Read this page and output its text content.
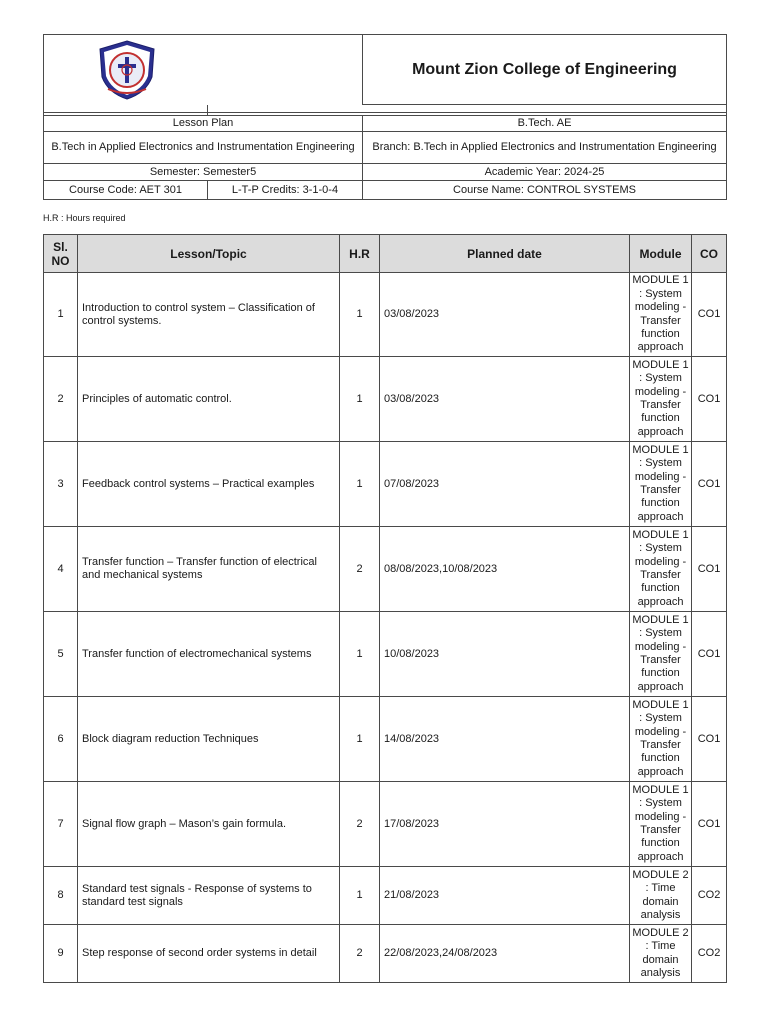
	Mount Zion College of Engineering

Lesson Plan		B.Tech. AE
B.Tech in Applied Electronics and Instrumentation Engineering		Branch: B.Tech in Applied Electronics and Instrumentation Engineering
Semester: Semester5		Academic Year: 2024-25
Course Code: AET 301	L-T-P Credits: 3-1-0-4	Course Name: CONTROL SYSTEMS
H.R : Hours required
Sl. NO	Lesson/Topic	H.R	Planned date	Module	CO
1	Introduction to control system – Classification of control systems.	1	03/08/2023	MODULE 1 : System modeling - Transfer function approach	CO1
2	Principles of automatic control.	1	03/08/2023	MODULE 1 : System modeling - Transfer function approach	CO1
3	Feedback control systems – Practical examples	1	07/08/2023	MODULE 1 : System modeling - Transfer function approach	CO1
4	Transfer function – Transfer function of electrical and mechanical systems	2	08/08/2023,10/08/2023	MODULE 1 : System modeling - Transfer function approach	CO1
5	Transfer function of electromechanical systems	1	10/08/2023	MODULE 1 : System modeling - Transfer function approach	CO1
6	Block diagram reduction Techniques	1	14/08/2023	MODULE 1 : System modeling - Transfer function approach	CO1
7	Signal flow graph – Mason’s gain formula.	2	17/08/2023	MODULE 1 : System modeling - Transfer function approach	CO1
8	Standard test signals - Response of systems to standard test signals	1	21/08/2023	MODULE 2 : Time domain analysis	CO2
9	Step response of second order systems in detail	2	22/08/2023,24/08/2023	MODULE 2 : Time domain analysis	CO2
